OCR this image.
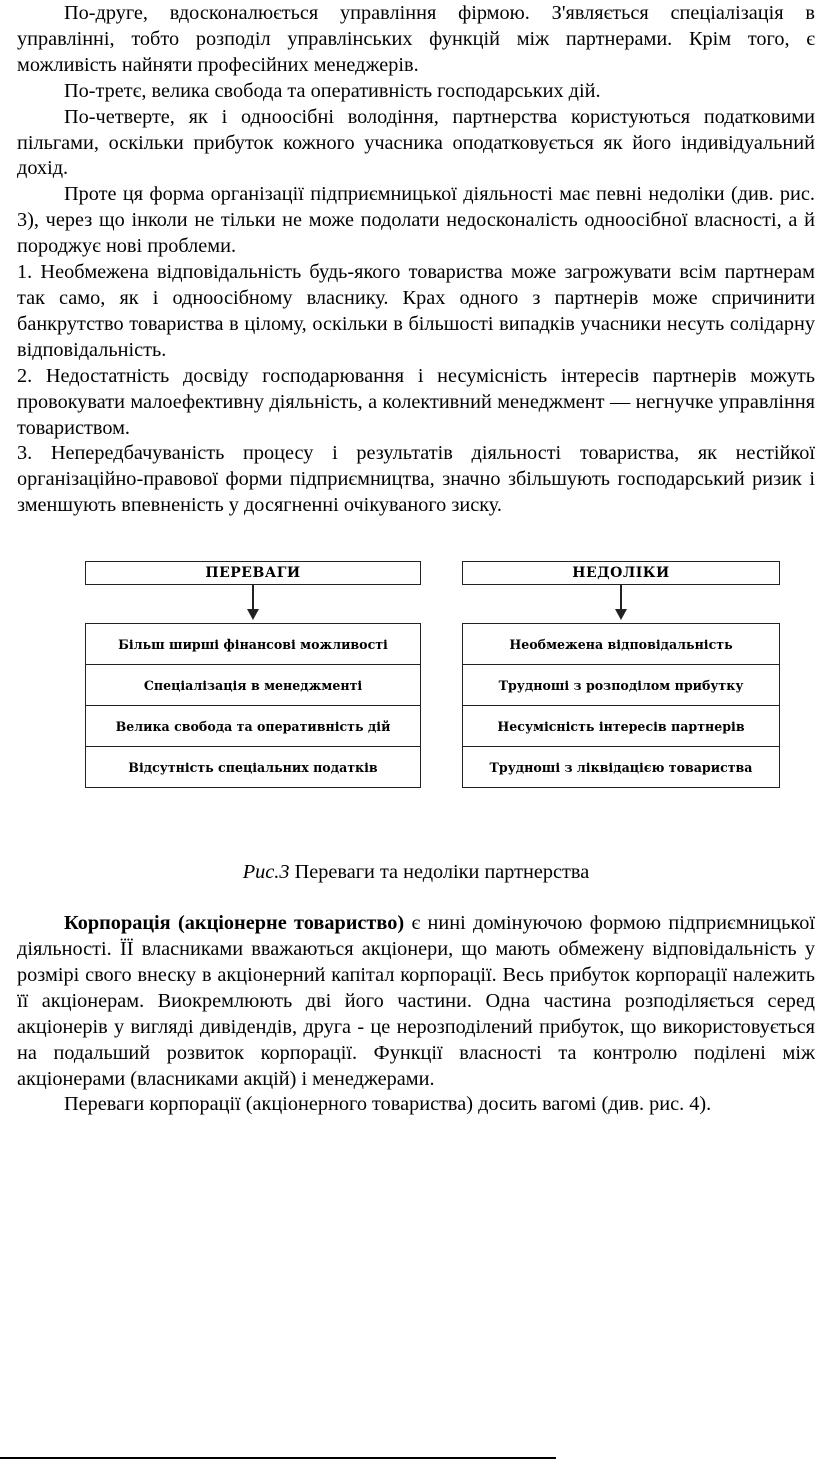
По-друге, вдосконалюється управління фірмою. З'являється спеціалізація в управлінні, тобто розподіл управлінських функцій між партнерами. Крім того, є можливість найняти професійних менеджерів.

По-третє, велика свобода та оперативність господарських дій.

По-четверте, як і одноосібні володіння, партнерства користуються податковими пільгами, оскільки прибуток кожного учасника оподатковується як його індивідуальний дохід.

Проте ця форма організації підприємницької діяльності має певні недоліки (див. рис. 3), через що інколи не тільки не може подолати недосконаліcть одноосібної власності, а й породжує нові проблеми.

1. Необмежена відповідальність будь-якого товариства може загрожувати всім партнерам так само, як і одноосібному власнику. Крах одного з партнерів може спричинити банкрутство товариства в цілому, оскільки в більшості випадків учасники несуть солідарну відповідальність.

2. Недостатність досвіду господарювання і несумісність інтересів партнерів можуть провокувати малоефективну діяльність, а колективний менеджмент — негнучке управління товариством.

3. Непередбачуваність процесу і результатів діяльності товариства, як нестійкої організаційно-правової форми підприємництва, значно збільшують господарський ризик і зменшують впевненість у досягненні очікуваного зиску.

ПЕРЕВАГИ
Більш ширші фінансові можливості
Спеціалізація в менеджменті
Велика свобода та оперативність дій
Відсутність спеціальних податків
НЕДОЛІКИ
Необмежена відповідальність
Трудноші з розподілом прибутку
Несумісність інтересів партнерів
Трудноші з ліквідацією товариства
Рис.3 Переваги та недоліки партнерства

Корпорація (акціонерне товариство) є нині домінуючою формою підприємницької діяльності. ЇЇ власниками вважаються акціонери, що мають обмежену відповідальність у розмірі свого внеску в акціонерний капітал корпорації. Весь прибуток корпорації належить її акціонерам. Виокремлюють дві його частини. Одна частина розподіляється серед акціонерів у вигляді дивідендів, друга - це нерозподілений прибуток, що використовується на подальший розвиток корпорації. Функції власності та контролю поділені між акціонерами (власниками акцій) і менеджерами.

Переваги корпорації (акціонерного товариства) досить вагомі (див. рис. 4).
